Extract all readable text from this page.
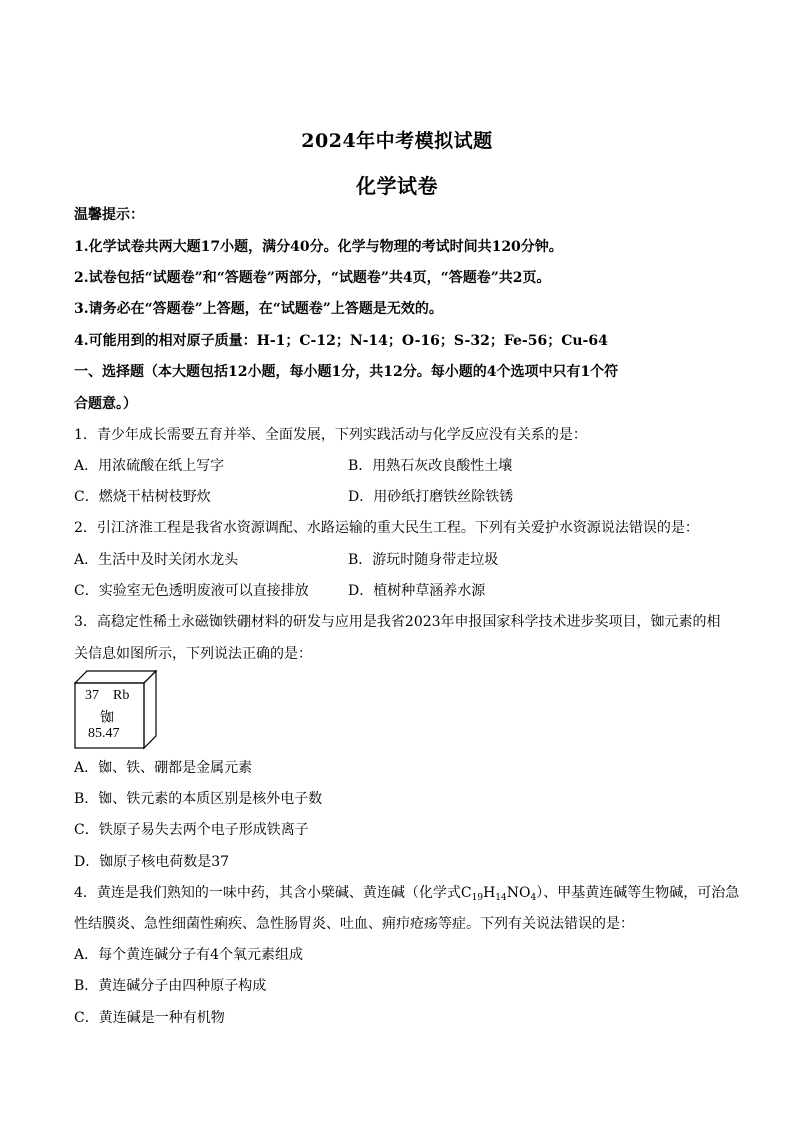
2024年中考模拟试题
化学试卷
温馨提示：
1.化学试卷共两大题17小题，满分40分。化学与物理的考试时间共120分钟。
2.试卷包括“试题卷”和“答题卷”两部分，“试题卷”共4页，“答题卷”共2页。
3.请务必在“答题卷”上答题，在“试题卷”上答题是无效的。
4.可能用到的相对原子质量：H-1；C-12；N-14；O-16；S-32；Fe-56；Cu-64
一、选择题（本大题包括12小题，每小题1分，共12分。每小题的4个选项中只有1个符
合题意。）
1．青少年成长需要五育并举、全面发展，下列实践活动与化学反应没有关系的是：
A．用浓硫酸在纸上写字	B．用熟石灰改良酸性土壤
C．燃烧干枯树枝野炊	D．用砂纸打磨铁丝除铁锈
2．引江济淮工程是我省水资源调配、水路运输的重大民生工程。下列有关爱护水资源说法错误的是：
A．生活中及时关闭水龙头	B．游玩时随身带走垃圾
C．实验室无色透明废液可以直接排放	D．植树种草涵养水源
3．高稳定性稀土永磁铷铁硼材料的研发与应用是我省2023年申报国家科学技术进步奖项目，铷元素的相
关信息如图所示，下列说法正确的是：
37 Rb
铷
85.47
A．铷、铁、硼都是金属元素
B．铷、铁元素的本质区别是核外电子数
C．铁原子易失去两个电子形成铁离子
D．铷原子核电荷数是37
4．黄连是我们熟知的一味中药，其含小檗碱、黄连碱（化学式$C_{19}H_{14}NO_4$）、甲基黄连碱等生物碱，可治急
性结膜炎、急性细菌性痢疾、急性肠胃炎、吐血、痈疖疮疡等症。下列有关说法错误的是：
A．每个黄连碱分子有4个氧元素组成
B．黄连碱分子由四种原子构成
C．黄连碱是一种有机物
